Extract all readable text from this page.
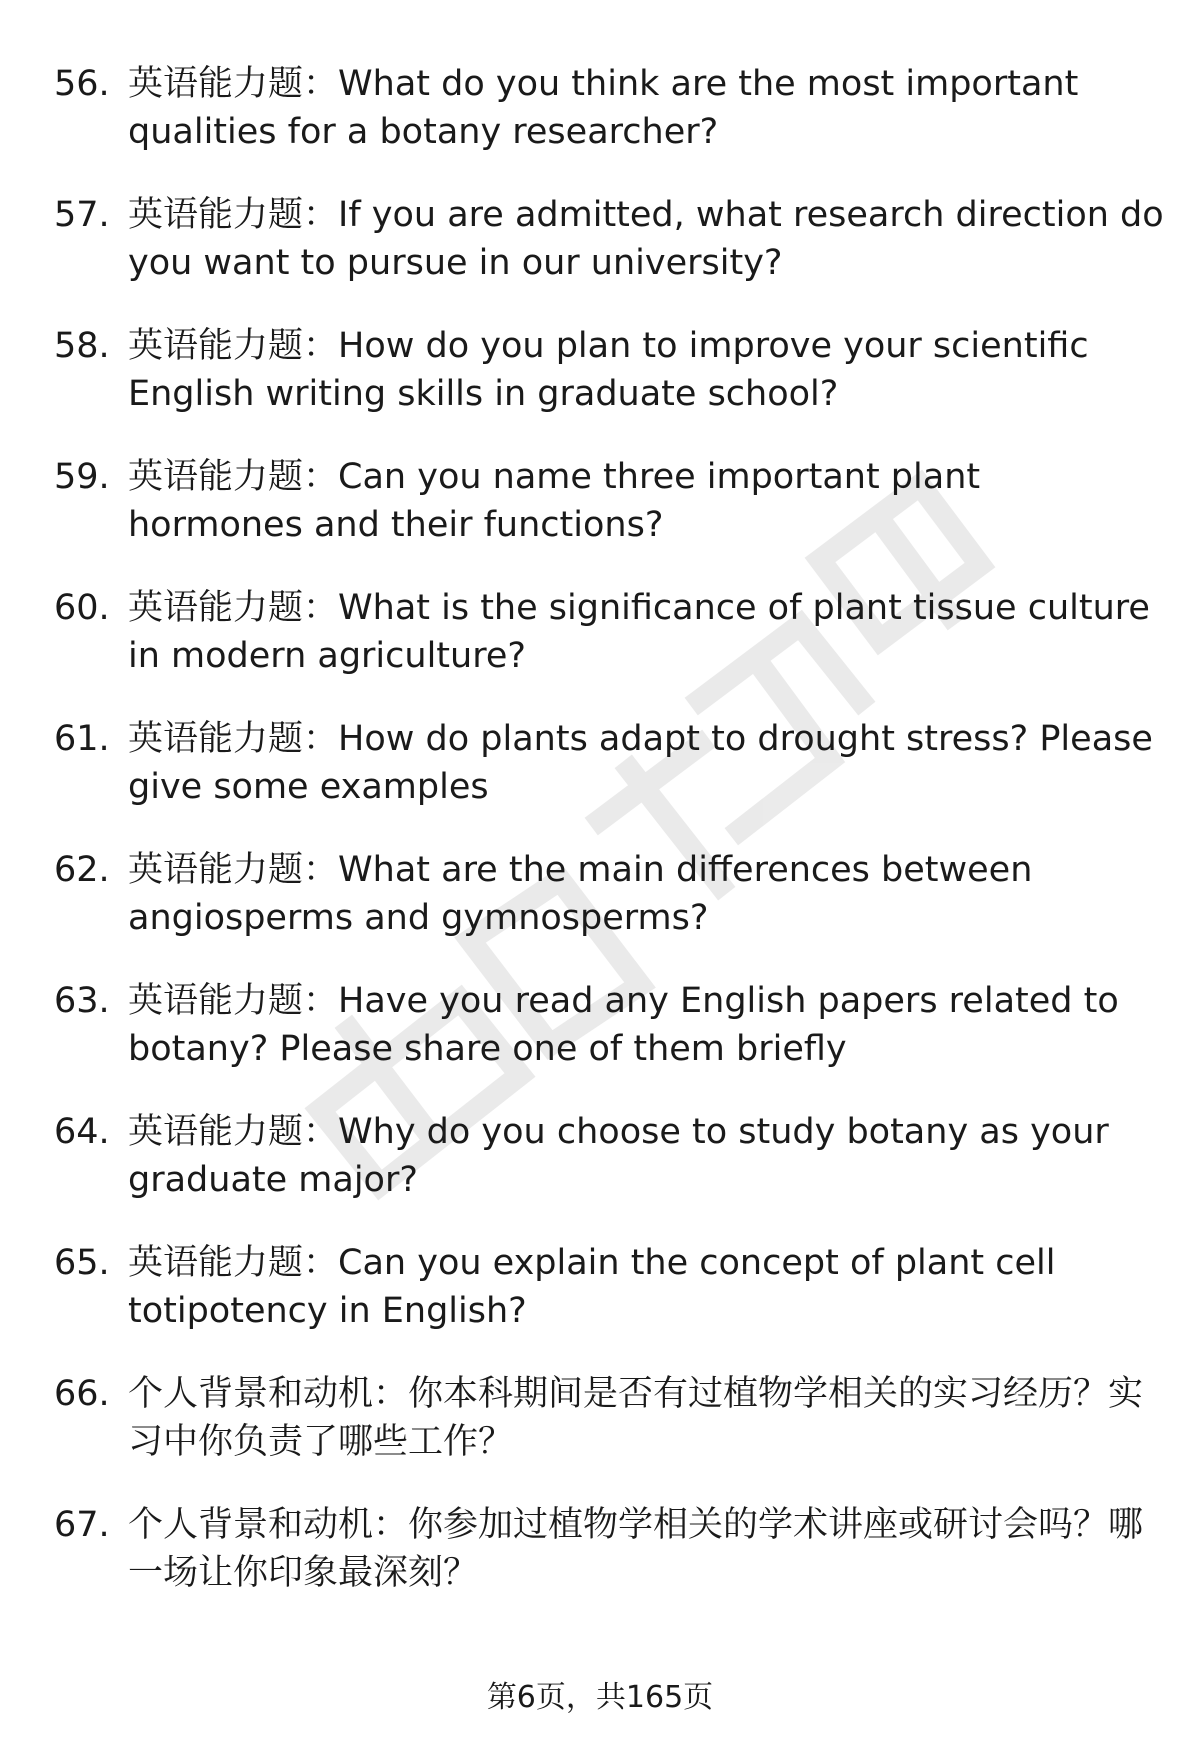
56. 英语能力题：What do you think are the most important qualities for a botany researcher?
57. 英语能力题：If you are admitted, what research direction do you want to pursue in our university?
58. 英语能力题：How do you plan to improve your scientific English writing skills in graduate school?
59. 英语能力题：Can you name three important plant hormones and their functions?
60. 英语能力题：What is the significance of plant tissue culture in modern agriculture?
61. 英语能力题：How do plants adapt to drought stress? Please give some examples
62. 英语能力题：What are the main differences between angiosperms and gymnosperms?
63. 英语能力题：Have you read any English papers related to botany? Please share one of them briefly
64. 英语能力题：Why do you choose to study botany as your graduate major?
65. 英语能力题：Can you explain the concept of plant cell totipotency in English?
66. 个人背景和动机：你本科期间是否有过植物学相关的实习经历？实习中你负责了哪些工作？
67. 个人背景和动机：你参加过植物学相关的学术讲座或研讨会吗？哪一场让你印象最深刻？
第6页，共165页
